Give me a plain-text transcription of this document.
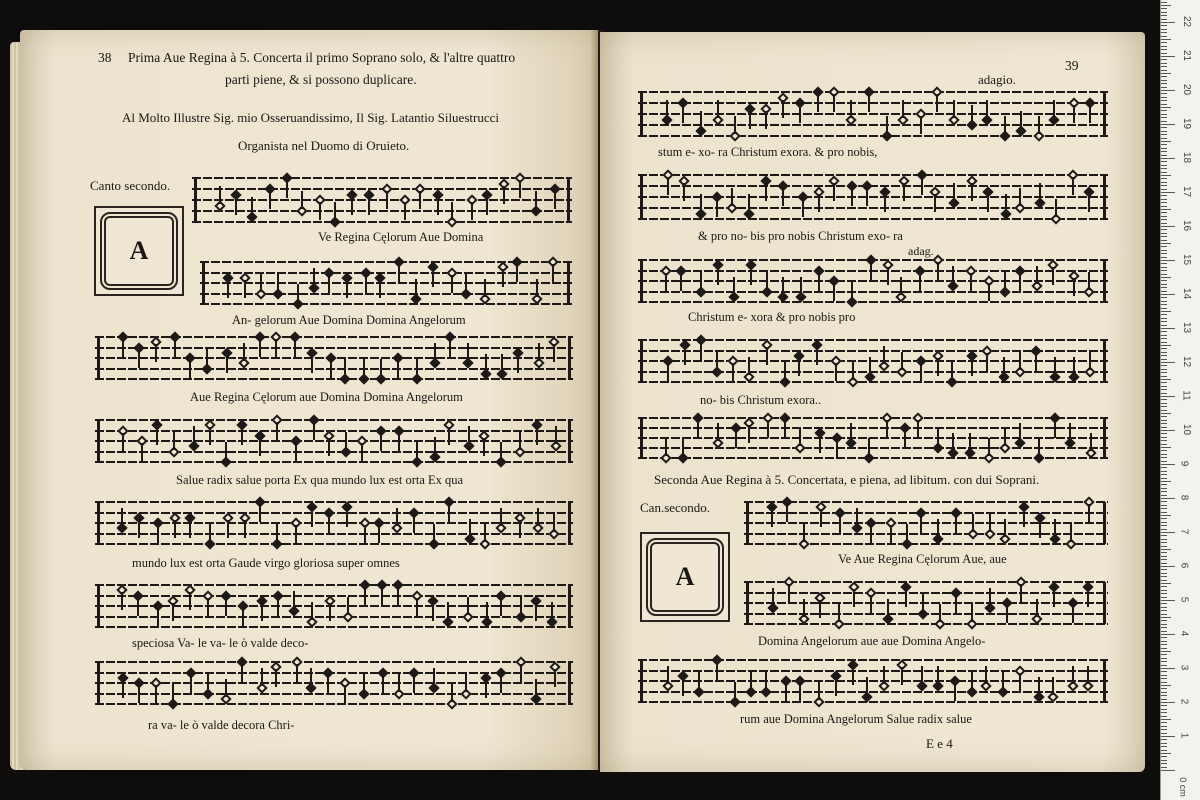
38 Prima Aue Regina à 5. Concerta il primo Soprano solo, & l'altre quattro
parti piene, & si possono duplicare.
Al Molto Illustre Sig. mio Osseruandissimo, Il Sig. Latantio Siluestrucci
Organista nel Duomo di Oruieto.
Canto secondo.
A	Ve Regina Cęlorum Aue Domina
An- gelorum Aue Domina Domina Angelorum
Aue Regina Cęlorum aue Domina Domina Angelorum
Salue radix salue porta Ex qua mundo lux est orta Ex qua
mundo lux est orta Gaude virgo gloriosa super omnes
speciosa Va- le va- le ò valde deco-
ra va- le ò valde decora Chri-
39
adagio.
stum e- xo- ra Christum exora. & pro nobis,
& pro no- bis pro nobis Christum exo- ra
adag.
Christum e- xora & pro nobis pro
no- bis Christum exora..
Seconda Aue Regina à 5. Concertata, e piena, ad libitum. con dui Soprani.
Can.secondo.
A
Ve Aue Regina Cęlorum Aue, aue
Domina Angelorum aue aue Domina Angelo-
rum aue Domina Angelorum Salue radix salue
E e 4
0 cm
22
21
20
19
18
17
16
15
14
13
12
11
10
9
8
7
6
5
4
3
2
1
